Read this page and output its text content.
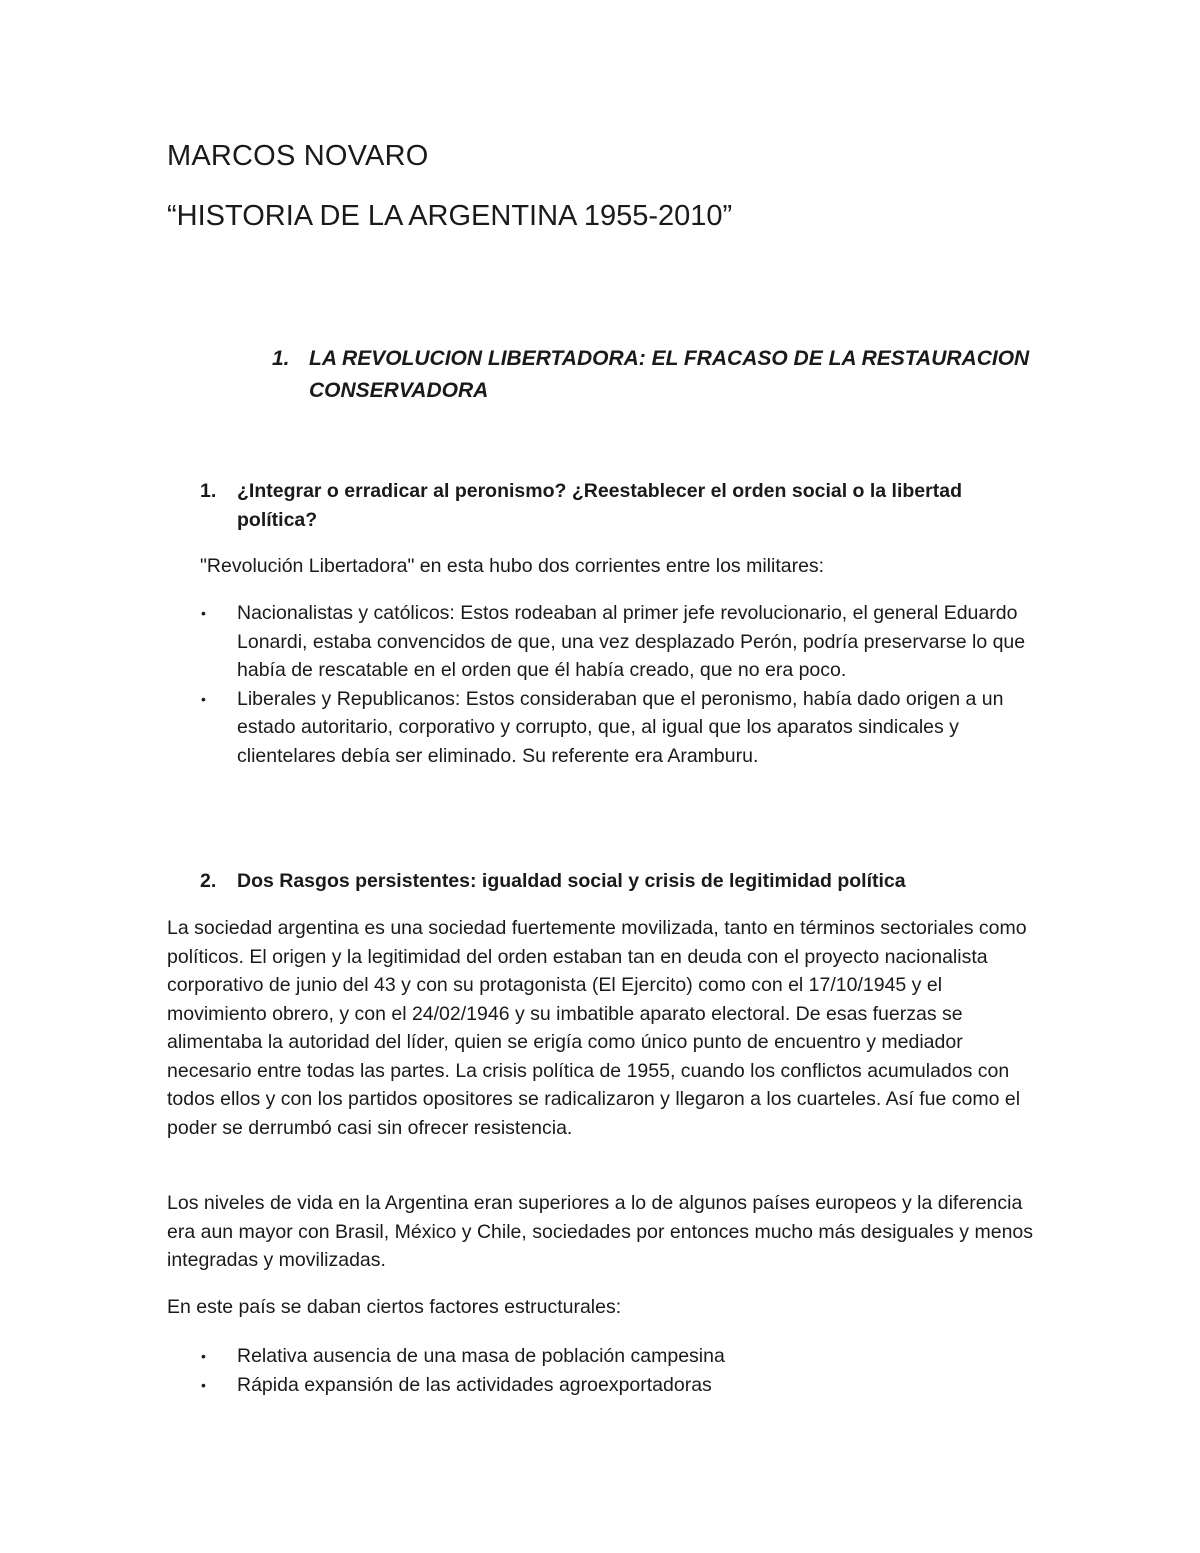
MARCOS NOVARO
“HISTORIA DE LA ARGENTINA 1955-2010”
1. LA REVOLUCION LIBERTADORA: EL FRACASO DE LA RESTAURACION CONSERVADORA
1. ¿Integrar o erradicar al peronismo? ¿Reestablecer el orden social o la libertad política?

"Revolución Libertadora" en esta hubo dos corrientes entre los militares:

• Nacionalistas y católicos: Estos rodeaban al primer jefe revolucionario, el general Eduardo Lonardi, estaba convencidos de que, una vez desplazado Perón, podría preservarse lo que había de rescatable en el orden que él había creado, que no era poco.
• Liberales y Republicanos: Estos consideraban que el peronismo, había dado origen a un estado autoritario, corporativo y corrupto, que, al igual que los aparatos sindicales y clientelares debía ser eliminado. Su referente era Aramburu.
2. Dos Rasgos persistentes: igualdad social y crisis de legitimidad política

La sociedad argentina es una sociedad fuertemente movilizada, tanto en términos sectoriales como políticos. El origen y la legitimidad del orden estaban tan en deuda con el proyecto nacionalista corporativo de junio del 43 y con su protagonista (El Ejercito) como con el 17/10/1945 y el movimiento obrero, y con el 24/02/1946 y su imbatible aparato electoral. De esas fuerzas se alimentaba la autoridad del líder, quien se erigía como único punto de encuentro y mediador necesario entre todas las partes. La crisis política de 1955, cuando los conflictos acumulados con todos ellos y con los partidos opositores se radicalizaron y llegaron a los cuarteles. Así fue como el poder se derrumbó casi sin ofrecer resistencia.

Los niveles de vida en la Argentina eran superiores a lo de algunos países europeos y la diferencia era aun mayor con Brasil, México y Chile, sociedades por entonces mucho más desiguales y menos integradas y movilizadas.

En este país se daban ciertos factores estructurales:

• Relativa ausencia de una masa de población campesina
• Rápida expansión de las actividades agroexportadoras
